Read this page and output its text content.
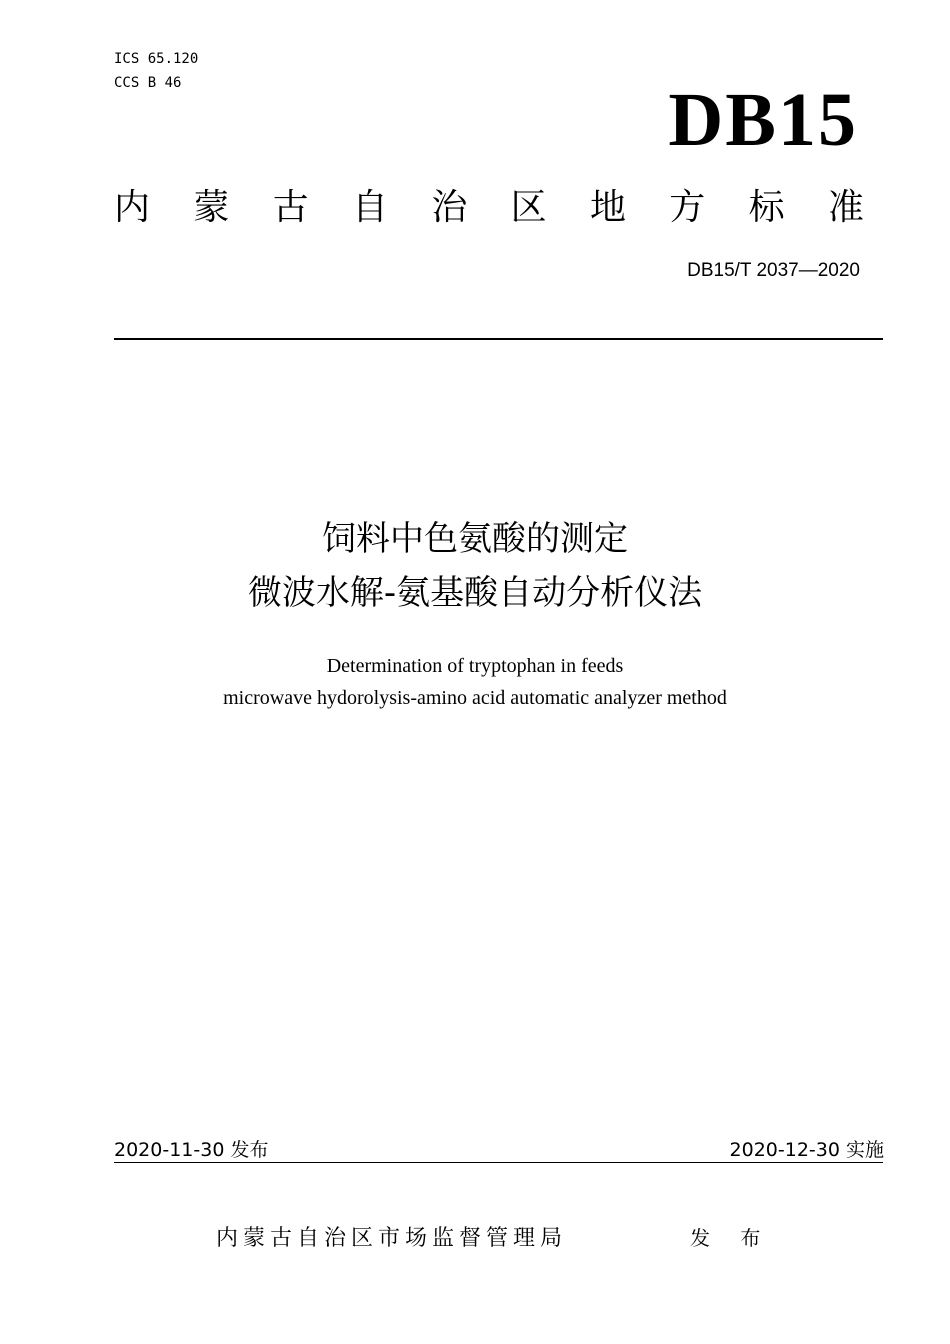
ICS 65.120
CCS B 46	DB15
内 蒙 古 自 治 区 地 方 标 准
DB15/T 2037—2020
饲料中色氨酸的测定
微波水解-氨基酸自动分析仪法
Determination of tryptophan in feeds
microwave hydorolysis-amino acid automatic analyzer method
2020-11-30 发布	2020-12-30 实施
内蒙古自治区市场监督管理局	发 布
